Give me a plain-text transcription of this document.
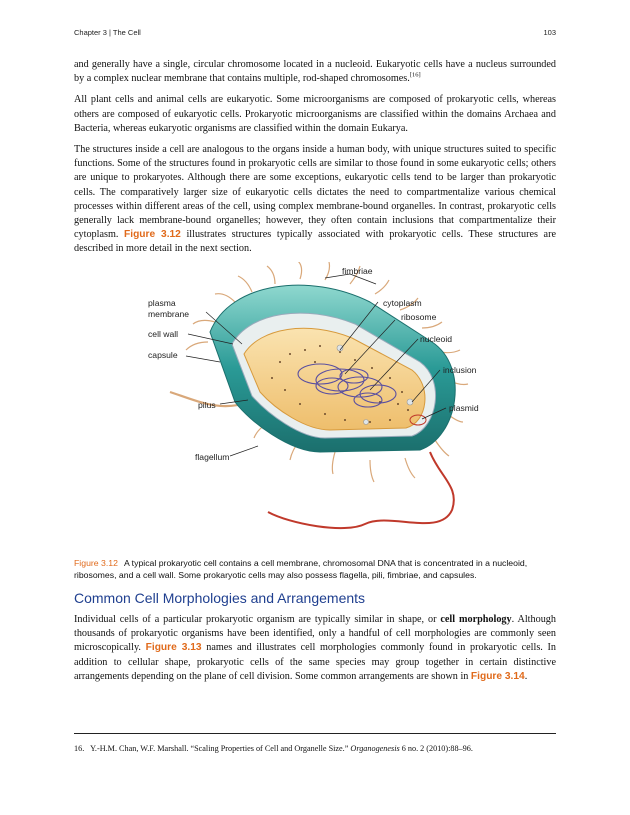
Chapter 3 | The Cell	103

and generally have a single, circular chromosome located in a nucleoid. Eukaryotic cells have a nucleus surrounded by a complex nuclear membrane that contains multiple, rod-shaped chromosomes.[16]

All plant cells and animal cells are eukaryotic. Some microorganisms are composed of prokaryotic cells, whereas others are composed of eukaryotic cells. Prokaryotic microorganisms are classified within the domains Archaea and Bacteria, whereas eukaryotic organisms are classified within the domain Eukarya.

The structures inside a cell are analogous to the organs inside a human body, with unique structures suited to specific functions. Some of the structures found in prokaryotic cells are similar to those found in some eukaryotic cells; others are unique to prokaryotes. Although there are some exceptions, eukaryotic cells tend to be larger than prokaryotic cells. The comparatively larger size of eukaryotic cells dictates the need to compartmentalize various chemical processes within different areas of the cell, using complex membrane-bound organelles. In contrast, prokaryotic cells generally lack membrane-bound organelles; however, they often contain inclusions that compartmentalize their cytoplasm. Figure 3.12 illustrates structures typically associated with prokaryotic cells. These structures are described in more detail in the next section.

fimbriae
plasma
membrane
cytoplasm
ribosome
cell wall	nucleoid
capsule
inclusion
pilus	plasmid
flagellum
Figure 3.12 A typical prokaryotic cell contains a cell membrane, chromosomal DNA that is concentrated in a nucleoid, ribosomes, and a cell wall. Some prokaryotic cells may also possess flagella, pili, fimbriae, and capsules.
Common Cell Morphologies and Arrangements

Individual cells of a particular prokaryotic organism are typically similar in shape, or cell morphology. Although thousands of prokaryotic organisms have been identified, only a handful of cell morphologies are commonly seen microscopically. Figure 3.13 names and illustrates cell morphologies commonly found in prokaryotic cells. In addition to cellular shape, prokaryotic cells of the same species may group together in certain distinctive arrangements depending on the plane of cell division. Some common arrangements are shown in Figure 3.14.

16. Y.-H.M. Chan, W.F. Marshall. “Scaling Properties of Cell and Organelle Size.” Organogenesis 6 no. 2 (2010):88–96.
